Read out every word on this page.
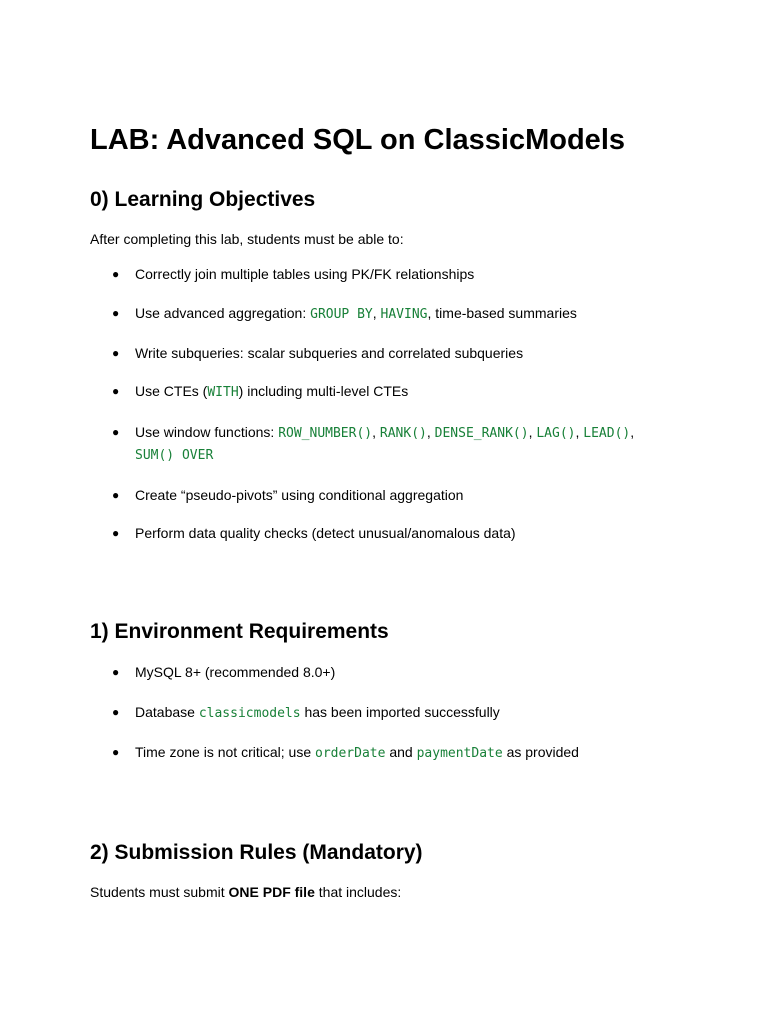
LAB: Advanced SQL on ClassicModels
0) Learning Objectives

After completing this lab, students must be able to:

● Correctly join multiple tables using PK/FK relationships
● Use advanced aggregation: GROUP BY, HAVING, time-based summaries
● Write subqueries: scalar subqueries and correlated subqueries
● Use CTEs (WITH) including multi-level CTEs
● Use window functions: ROW_NUMBER(), RANK(), DENSE_RANK(), LAG(), LEAD(),
SUM() OVER
● Create “pseudo-pivots” using conditional aggregation
● Perform data quality checks (detect unusual/anomalous data)
1) Environment Requirements
● MySQL 8+ (recommended 8.0+)
● Database classicmodels has been imported successfully
● Time zone is not critical; use orderDate and paymentDate as provided
2) Submission Rules (Mandatory)

Students must submit ONE PDF file that includes:
